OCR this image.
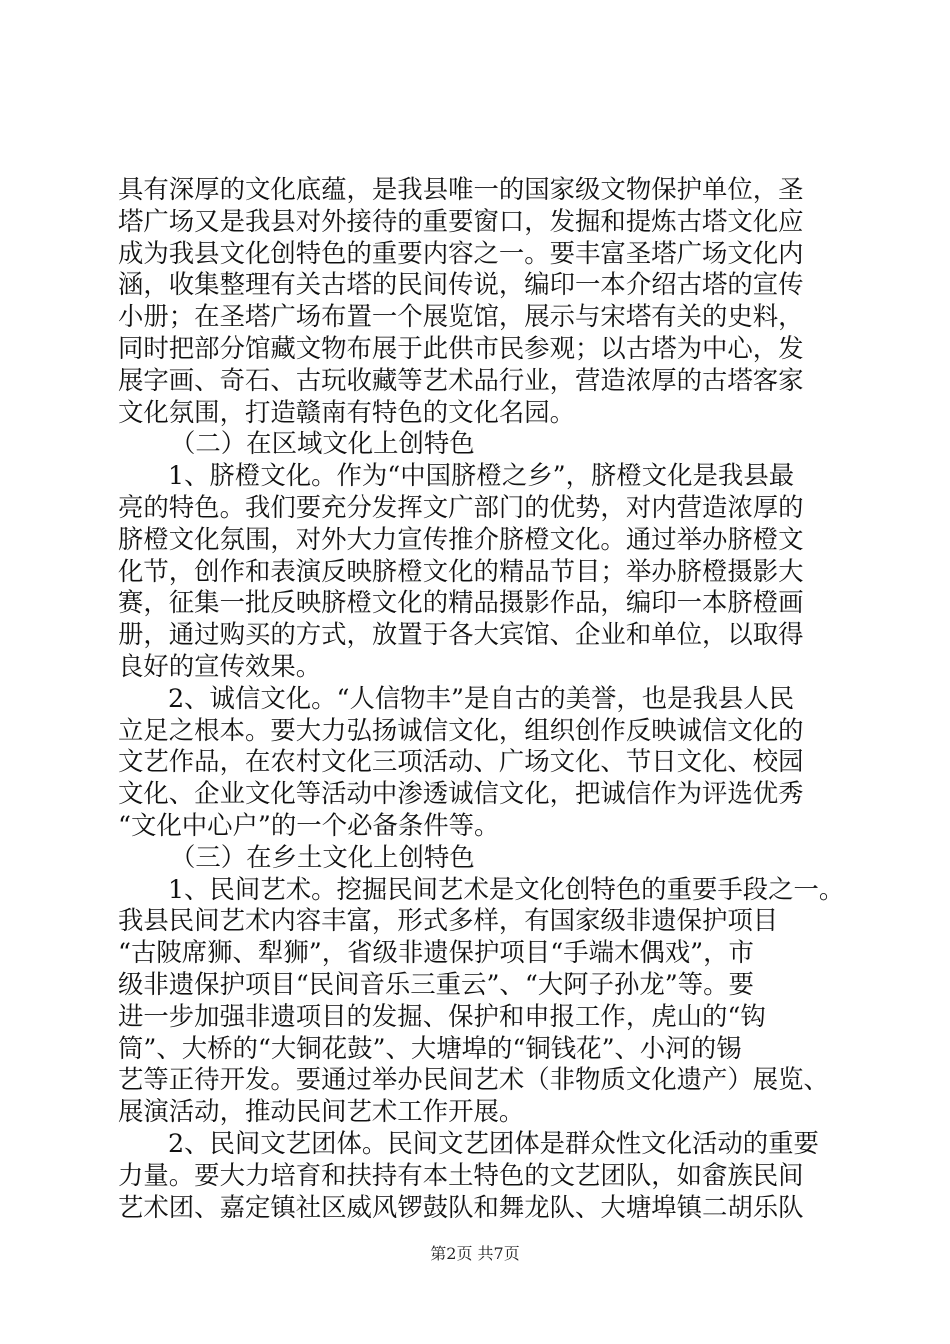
具有深厚的文化底蕴，是我县唯一的国家级文物保护单位，圣
塔广场又是我县对外接待的重要窗口，发掘和提炼古塔文化应
成为我县文化创特色的重要内容之一。要丰富圣塔广场文化内
涵，收集整理有关古塔的民间传说，编印一本介绍古塔的宣传
小册；在圣塔广场布置一个展览馆，展示与宋塔有关的史料，
同时把部分馆藏文物布展于此供市民参观；以古塔为中心，发
展字画、奇石、古玩收藏等艺术品行业，营造浓厚的古塔客家
文化氛围，打造赣南有特色的文化名园。
（二）在区域文化上创特色
1、脐橙文化。作为“中国脐橙之乡”，脐橙文化是我县最
亮的特色。我们要充分发挥文广部门的优势，对内营造浓厚的
脐橙文化氛围，对外大力宣传推介脐橙文化。通过举办脐橙文
化节，创作和表演反映脐橙文化的精品节目；举办脐橙摄影大
赛，征集一批反映脐橙文化的精品摄影作品，编印一本脐橙画
册，通过购买的方式，放置于各大宾馆、企业和单位，以取得
良好的宣传效果。
2、诚信文化。“人信物丰”是自古的美誉，也是我县人民
立足之根本。要大力弘扬诚信文化，组织创作反映诚信文化的
文艺作品，在农村文化三项活动、广场文化、节日文化、校园
文化、企业文化等活动中渗透诚信文化，把诚信作为评选优秀
“文化中心户”的一个必备条件等。
（三）在乡土文化上创特色
1、民间艺术。挖掘民间艺术是文化创特色的重要手段之一。
我县民间艺术内容丰富，形式多样，有国家级非遗保护项目
“古陂席狮、犁狮”，省级非遗保护项目“手端木偶戏”，市
级非遗保护项目“民间音乐三重云”、“大阿子孙龙”等。要
进一步加强非遗项目的发掘、保护和申报工作，虎山的“钩
筒”、大桥的“大铜花鼓”、大塘埠的“铜钱花”、小河的锡
艺等正待开发。要通过举办民间艺术（非物质文化遗产）展览、
展演活动，推动民间艺术工作开展。
2、民间文艺团体。民间文艺团体是群众性文化活动的重要
力量。要大力培育和扶持有本土特色的文艺团队，如畲族民间
艺术团、嘉定镇社区威风锣鼓队和舞龙队、大塘埠镇二胡乐队
第2页 共7页
